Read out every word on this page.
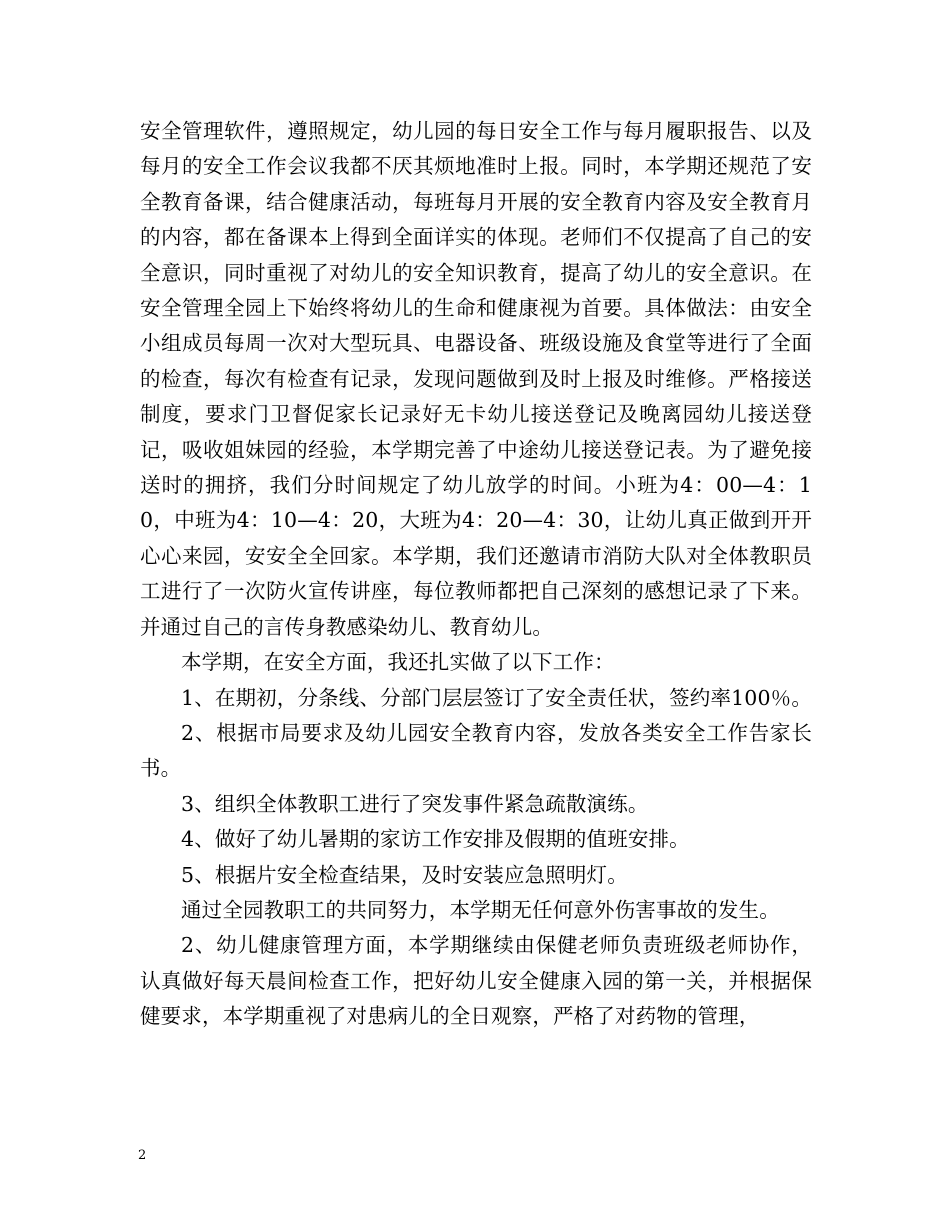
安全管理软件，遵照规定，幼儿园的每日安全工作与每月履职报告、以及每月的安全工作会议我都不厌其烦地准时上报。同时，本学期还规范了安全教育备课，结合健康活动，每班每月开展的安全教育内容及安全教育月的内容，都在备课本上得到全面详实的体现。老师们不仅提高了自己的安全意识，同时重视了对幼儿的安全知识教育，提高了幼儿的安全意识。在安全管理全园上下始终将幼儿的生命和健康视为首要。具体做法：由安全小组成员每周一次对大型玩具、电器设备、班级设施及食堂等进行了全面的检查，每次有检查有记录，发现问题做到及时上报及时维修。严格接送制度，要求门卫督促家长记录好无卡幼儿接送登记及晚离园幼儿接送登记，吸收姐妹园的经验，本学期完善了中途幼儿接送登记表。为了避免接送时的拥挤，我们分时间规定了幼儿放学的时间。小班为4：00—4：10，中班为4：10—4：20，大班为4：20—4：30，让幼儿真正做到开开心心来园，安安全全回家。本学期，我们还邀请市消防大队对全体教职员工进行了一次防火宣传讲座，每位教师都把自己深刻的感想记录了下来。并通过自己的言传身教感染幼儿、教育幼儿。

本学期，在安全方面，我还扎实做了以下工作：

1、在期初，分条线、分部门层层签订了安全责任状，签约率100％。

2、根据市局要求及幼儿园安全教育内容，发放各类安全工作告家长书。

3、组织全体教职工进行了突发事件紧急疏散演练。

4、做好了幼儿暑期的家访工作安排及假期的值班安排。

5、根据片安全检查结果，及时安装应急照明灯。

通过全园教职工的共同努力，本学期无任何意外伤害事故的发生。

2、幼儿健康管理方面，本学期继续由保健老师负责班级老师协作，认真做好每天晨间检查工作，把好幼儿安全健康入园的第一关，并根据保健要求，本学期重视了对患病儿的全日观察，严格了对药物的管理，

2
